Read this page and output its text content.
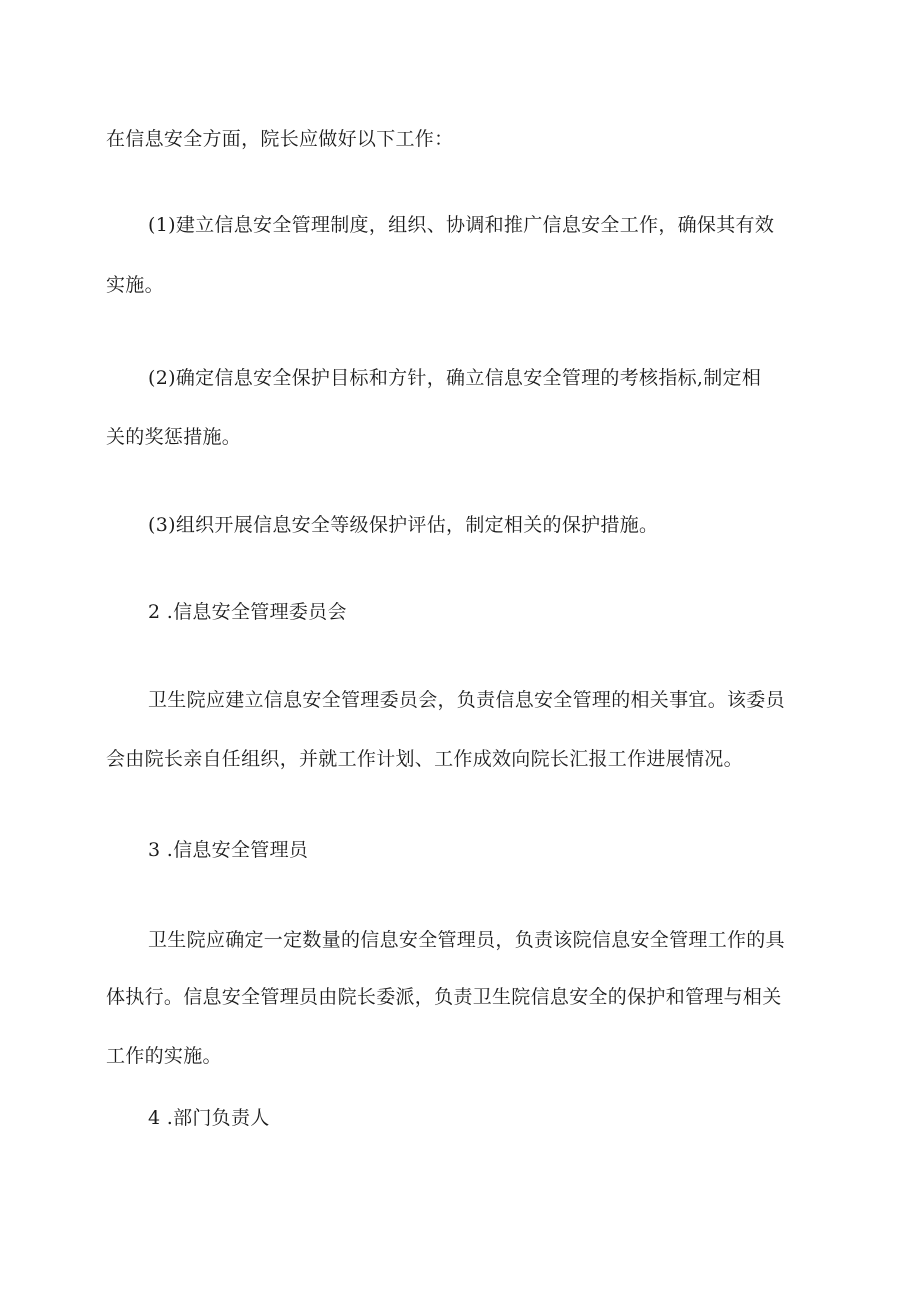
在信息安全方面，院长应做好以下工作：
(1)建立信息安全管理制度，组织、协调和推广信息安全工作，确保其有效
实施。
(2)确定信息安全保护目标和方针，确立信息安全管理的考核指标,制定相
关的奖惩措施。
(3)组织开展信息安全等级保护评估，制定相关的保护措施。
2 .信息安全管理委员会
卫生院应建立信息安全管理委员会，负责信息安全管理的相关事宜。该委员
会由院长亲自任组织，并就工作计划、工作成效向院长汇报工作进展情况。
3 .信息安全管理员
卫生院应确定一定数量的信息安全管理员，负责该院信息安全管理工作的具
体执行。信息安全管理员由院长委派，负责卫生院信息安全的保护和管理与相关
工作的实施。
4 .部门负责人
